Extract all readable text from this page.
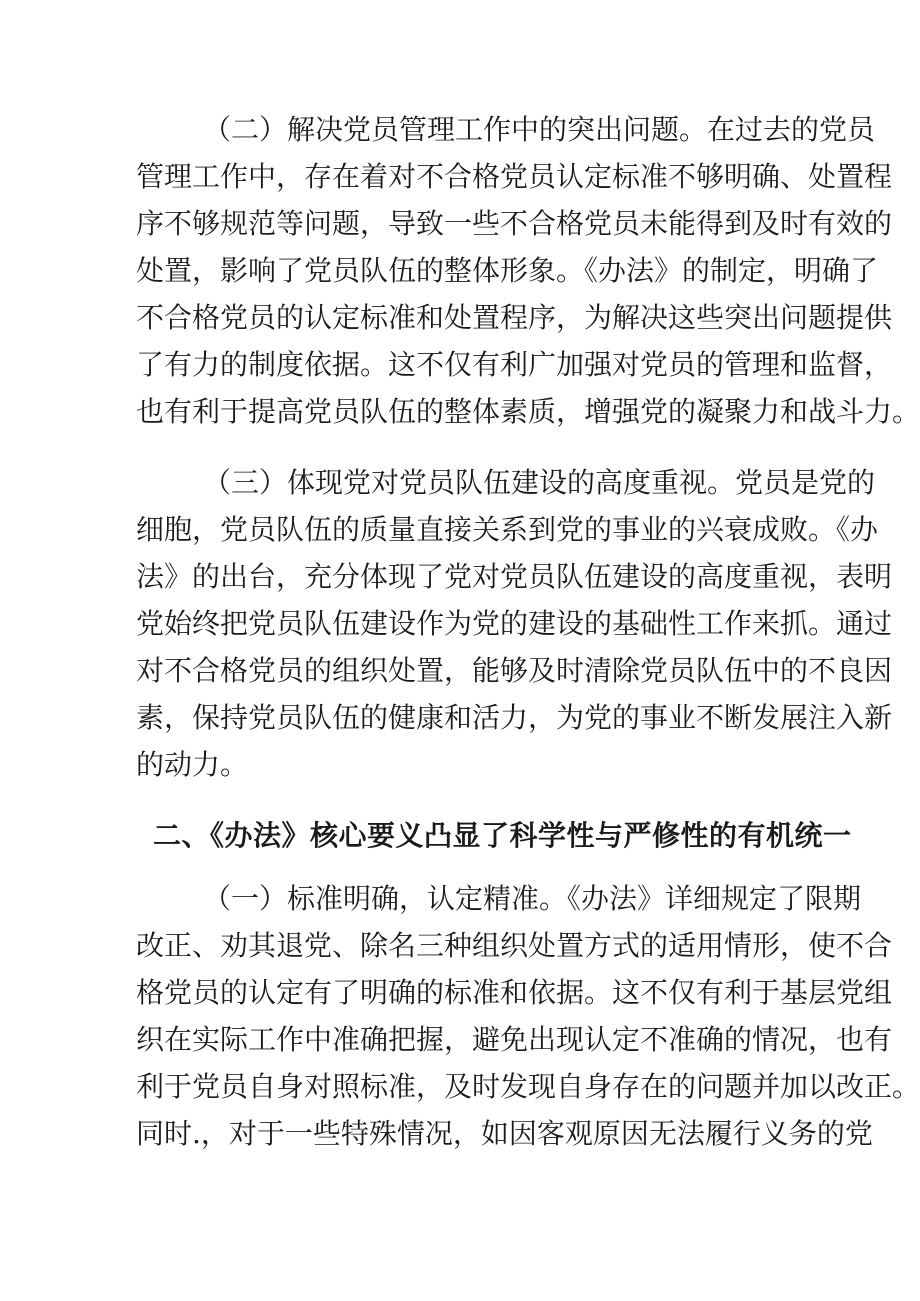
（二）解决党员管理工作中的突出问题。在过去的党员
管理工作中，存在着对不合格党员认定标准不够明确、处置程
序不够规范等问题，导致一些不合格党员未能得到及时有效的
处置，影响了党员队伍的整体形象。《办法》的制定，明确了
不合格党员的认定标准和处置程序，为解决这些突出问题提供
了有力的制度依据。这不仅有利广加强对党员的管理和监督，
也有利于提高党员队伍的整体素质，增强党的凝聚力和战斗力。
（三）体现党对党员队伍建设的高度重视。党员是党的
细胞，党员队伍的质量直接关系到党的事业的兴衰成败。《办
法》的出台，充分体现了党对党员队伍建设的高度重视，表明
党始终把党员队伍建设作为党的建设的基础性工作来抓。通过
对不合格党员的组织处置，能够及时清除党员队伍中的不良因
素，保持党员队伍的健康和活力，为党的事业不断发展注入新
的动力。
二、《办法》核心要义凸显了科学性与严修性的有机统一
（一）标准明确，认定精准。《办法》详细规定了限期
改正、劝其退党、除名三种组织处置方式的适用情形，使不合
格党员的认定有了明确的标准和依据。这不仅有利于基层党组
织在实际工作中准确把握，避免出现认定不准确的情况，也有
利于党员自身对照标准，及时发现自身存在的问题并加以改正。
同时.，对于一些特殊情况，如因客观原因无法履行义务的党
